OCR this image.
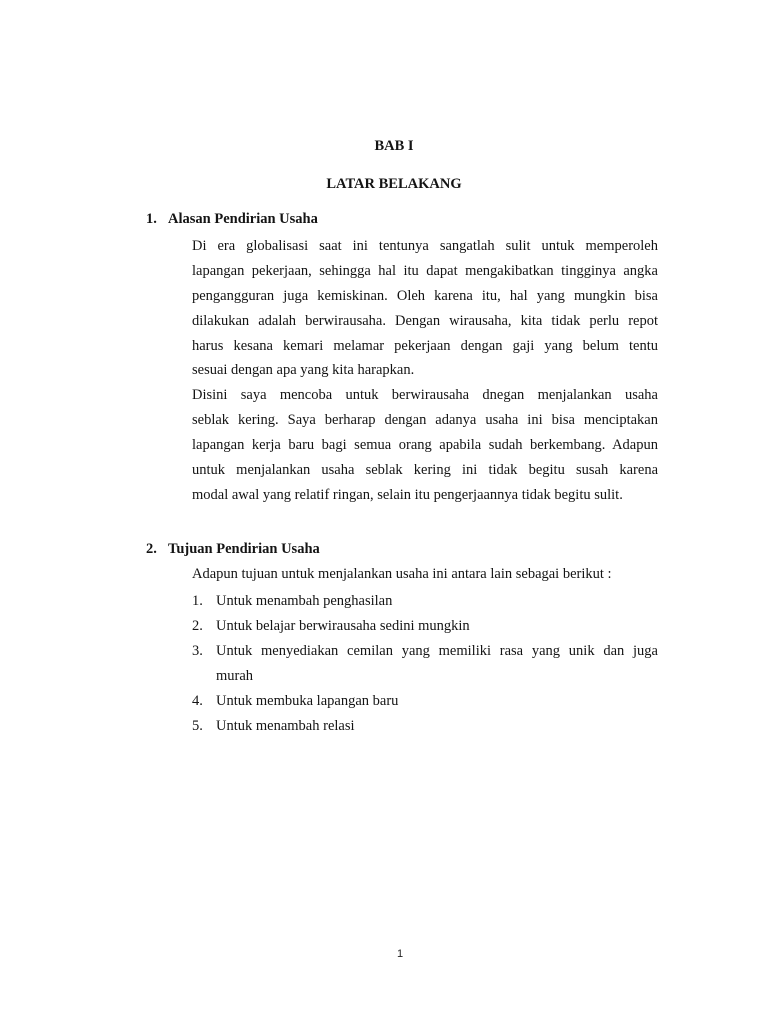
BAB I
LATAR BELAKANG
1. Alasan Pendirian Usaha
Di era globalisasi saat ini tentunya sangatlah sulit untuk memperoleh
lapangan pekerjaan, sehingga hal itu dapat mengakibatkan tingginya angka
pengangguran juga kemiskinan. Oleh karena itu, hal yang mungkin bisa
dilakukan adalah berwirausaha. Dengan wirausaha, kita tidak perlu repot
harus kesana kemari melamar pekerjaan dengan gaji yang belum tentu
sesuai dengan apa yang kita harapkan.
Disini saya mencoba untuk berwirausaha dnegan menjalankan usaha
seblak kering. Saya berharap dengan adanya usaha ini bisa menciptakan
lapangan kerja baru bagi semua orang apabila sudah berkembang. Adapun
untuk menjalankan usaha seblak kering ini tidak begitu susah karena
modal awal yang relatif ringan, selain itu pengerjaannya tidak begitu sulit.
2. Tujuan Pendirian Usaha
Adapun tujuan untuk menjalankan usaha ini antara lain sebagai berikut :
1. Untuk menambah penghasilan
2. Untuk belajar berwirausaha sedini mungkin
3. Untuk menyediakan cemilan yang memiliki rasa yang unik dan juga
murah
4. Untuk membuka lapangan baru
5. Untuk menambah relasi
1
